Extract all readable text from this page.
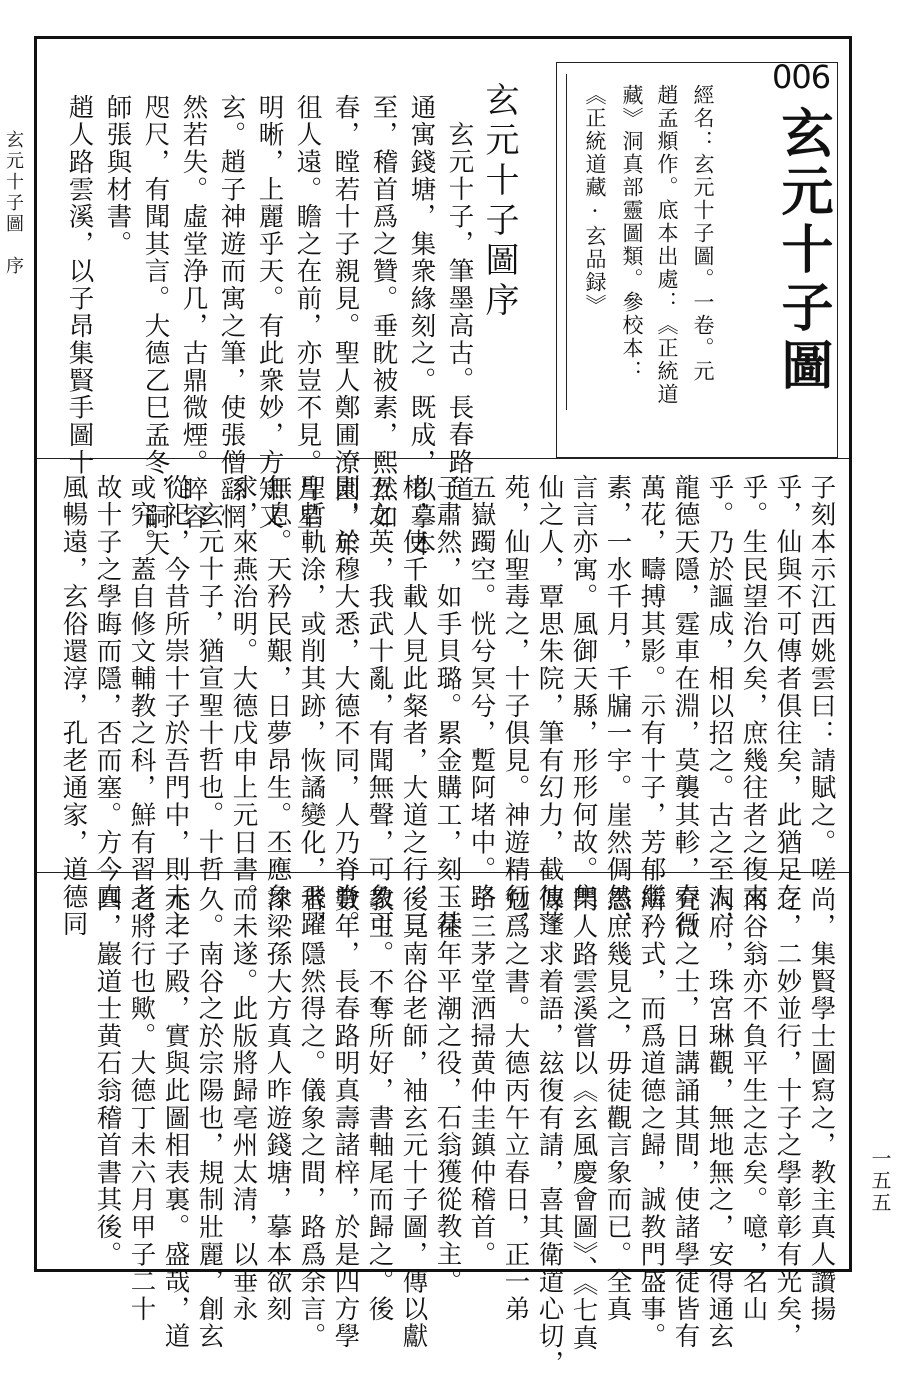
玄元十子圖　序
一五五
006
玄元十子圖
經名：玄元十子圖。一卷。元
趙孟頫作。底本出處：《正統道
藏》洞真部靈圖類。參校本：
《正統道藏·玄品録》
玄元十子圖序
玄元十子，筆墨高古。長春路道
通寓錢塘，集衆緣刻之。既成，以摹本
至，稽首爲之贊。垂眈被素，熙然如
春，瞠若十子親見。聖人鄭圃潦園，年
徂人遠。瞻之在前，亦豈不見。月星
明晰，上麗乎天。有此衆妙，方知又
玄。趙子神遊而寓之筆，使張僧繇惘
然若失。虛堂浄几，古鼎微煙。睟容
咫尺，有聞其言。大德乙巳孟冬，嗣天
師張與材書。
趙人路雲溪，以子昂集賢手圖十
子刻本示江西姚雲曰：請賦之。嗟
乎，仙與不可傳者俱往矣，此猶足存
乎。生民望治久矣，庶幾往者之復來
乎。乃於謳成，相以招之。古之至人，
龍德天隱，霆車在淵，莫襲其軫，春行
萬花，疇搏其影。示有十子，芳郁繼
素，一水千月，千牖一宇。崖然倜然，
言言亦寓。風御天縣，形形何故。集
仙之人，覃思朱院，筆有幻力，截彼蓬
苑，仙聖毒之，十子俱見。神遊精行，
五嶽躅空。恍兮冥兮，蹔阿堵中。路
子肅然，如手貝璐。累金購工，刻玉棊
楮，使千載人見此粲者，大道之行，三
五之英，我武十亂，有聞無聲，可象可
則，於穆大悉，大德不同，人乃脊脊。
聖哲軌涂，或削其跡，恢譎變化，飛躍
無息。天矜民艱，日夢昂生。丕應象
求，來燕治明。大德戊申上元日書。
玄元十子，猶宣聖十哲也。十哲
從祀，今昔所崇十子於吾門中，則未之
或究。蓋自修文輔教之科，鮮有習者，
故十子之學晦而隱，否而塞。方今真
風暢遠，玄俗還淳，孔老通家，道德同
尚，集賢學士圖寫之，教主真人讚揚
之，二妙並行，十子之學彰彰有光矣，
南谷翁亦不負平生之志矣。噫，名山
洞府，珠宮琳觀，無地無之，安得通玄
究微之士，日講誦其間，使諸學徒皆有
所矜式，而爲道德之歸，誠教門盛事。
愚庶幾見之，毋徒觀言象而已。全真
門人路雲溪嘗以《玄風慶會圖》、《七真
傳》求着語，玆復有請，喜其衛道心切，
勉爲之書。大德丙午立春日，正一弟
子三茅堂洒掃黄仲圭鎮仲稽首。
往年平潮之役，石翁獲從教主。
後見南谷老師，袖玄元十子圖，傳以獻
教主。不奪所好，書軸尾而歸之。後
數年，長春路明真壽諸梓，於是四方學
者，隱然得之。儀象之間，路爲余言。
汴梁孫大方真人昨遊錢塘，摹本欲刻
而未遂。此版將歸亳州太清，以垂永
久。南谷之於宗陽也，規制壯麗，創玄
元十子殿，實與此圖相表裏。盛哉，道
之將行也歟。大德丁未六月甲子二十
四，巖道士黄石翁稽首書其後。
